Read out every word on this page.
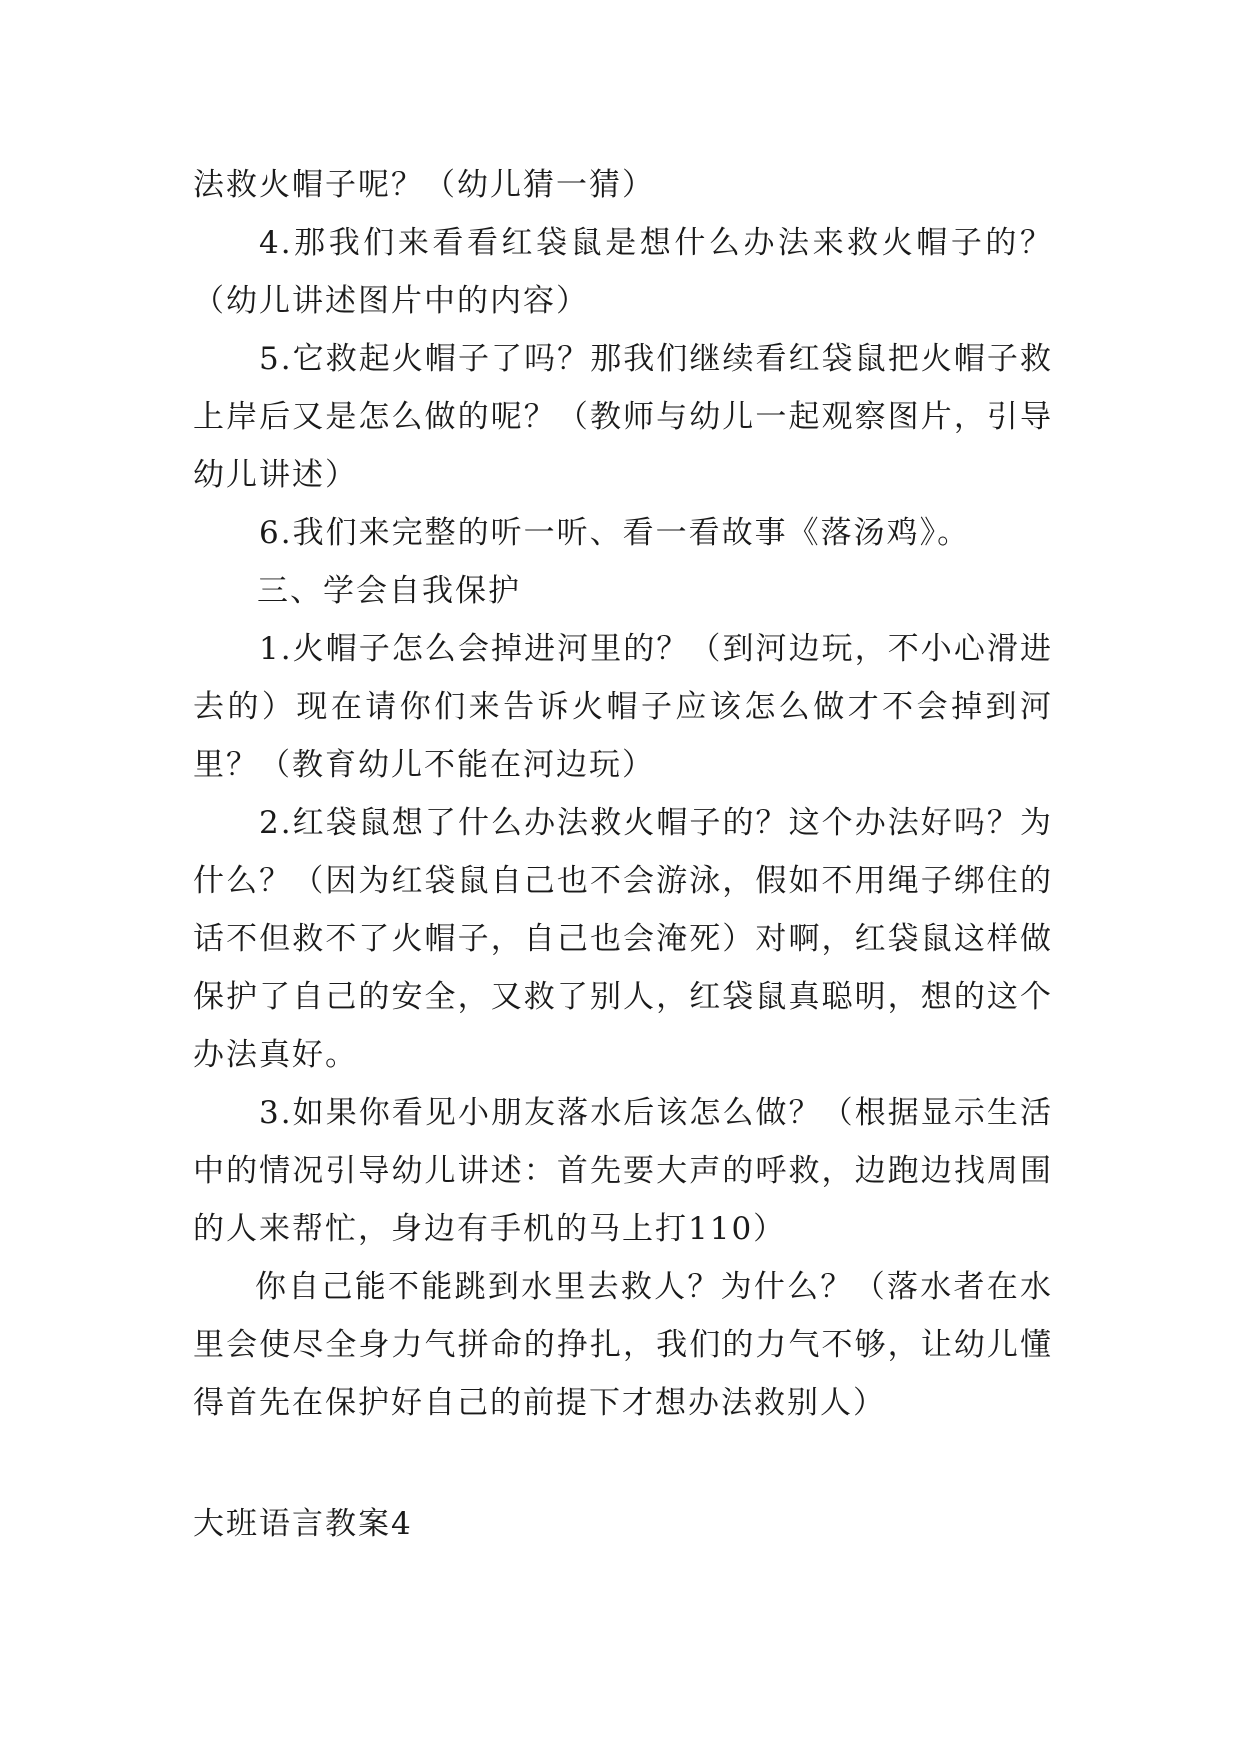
法救火帽子呢？（幼儿猜一猜）

4.那我们来看看红袋鼠是想什么办法来救火帽子的？（幼儿讲述图片中的内容）

5.它救起火帽子了吗？那我们继续看红袋鼠把火帽子救上岸后又是怎么做的呢？（教师与幼儿一起观察图片，引导幼儿讲述）

6.我们来完整的听一听、看一看故事《落汤鸡》。

三、学会自我保护

1.火帽子怎么会掉进河里的？（到河边玩，不小心滑进去的）现在请你们来告诉火帽子应该怎么做才不会掉到河里？（教育幼儿不能在河边玩）

2.红袋鼠想了什么办法救火帽子的？这个办法好吗？为什么？（因为红袋鼠自己也不会游泳，假如不用绳子绑住的话不但救不了火帽子，自己也会淹死）对啊，红袋鼠这样做保护了自己的安全，又救了别人，红袋鼠真聪明，想的这个办法真好。

3.如果你看见小朋友落水后该怎么做？（根据显示生活中的情况引导幼儿讲述：首先要大声的呼救，边跑边找周围的人来帮忙，身边有手机的马上打110）

你自己能不能跳到水里去救人？为什么？（落水者在水里会使尽全身力气拼命的挣扎，我们的力气不够，让幼儿懂得首先在保护好自己的前提下才想办法救别人）

大班语言教案4
